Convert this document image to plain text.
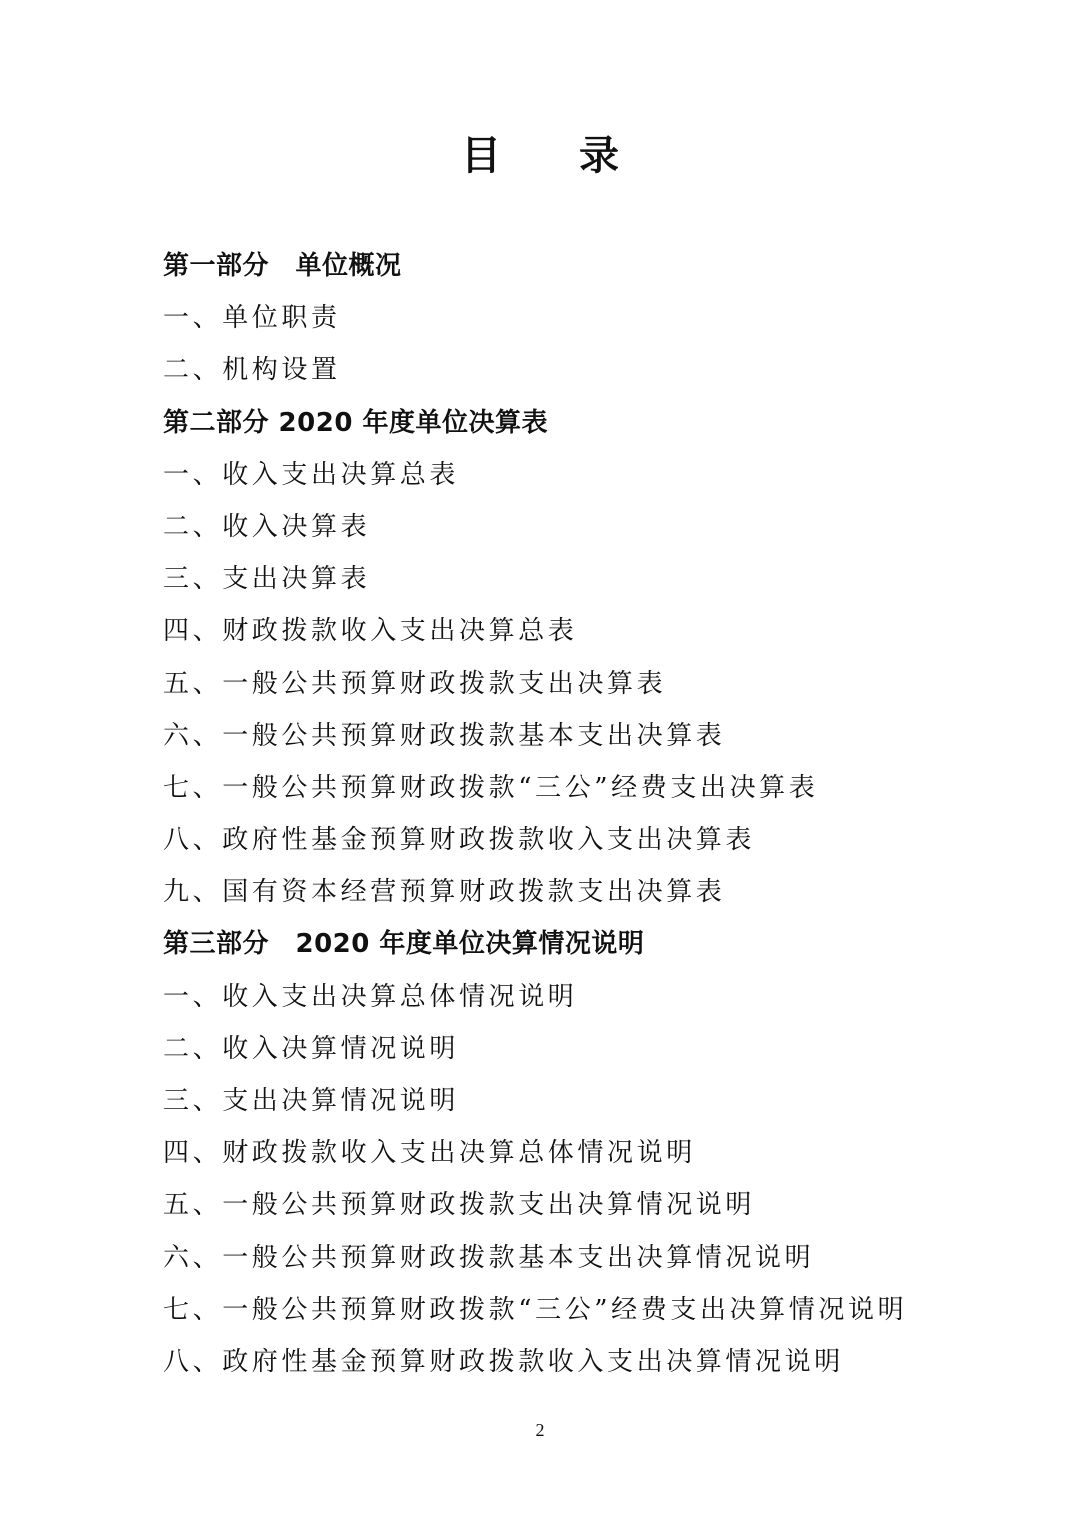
目 录
第一部分　单位概况
一、单位职责
二、机构设置
第二部分 2020 年度单位决算表
一、收入支出决算总表
二、收入决算表
三、支出决算表
四、财政拨款收入支出决算总表
五、一般公共预算财政拨款支出决算表
六、一般公共预算财政拨款基本支出决算表
七、一般公共预算财政拨款“三公”经费支出决算表
八、政府性基金预算财政拨款收入支出决算表
九、国有资本经营预算财政拨款支出决算表
第三部分　2020 年度单位决算情况说明
一、收入支出决算总体情况说明
二、收入决算情况说明
三、支出决算情况说明
四、财政拨款收入支出决算总体情况说明
五、一般公共预算财政拨款支出决算情况说明
六、一般公共预算财政拨款基本支出决算情况说明
七、一般公共预算财政拨款“三公”经费支出决算情况说明
八、政府性基金预算财政拨款收入支出决算情况说明
2
